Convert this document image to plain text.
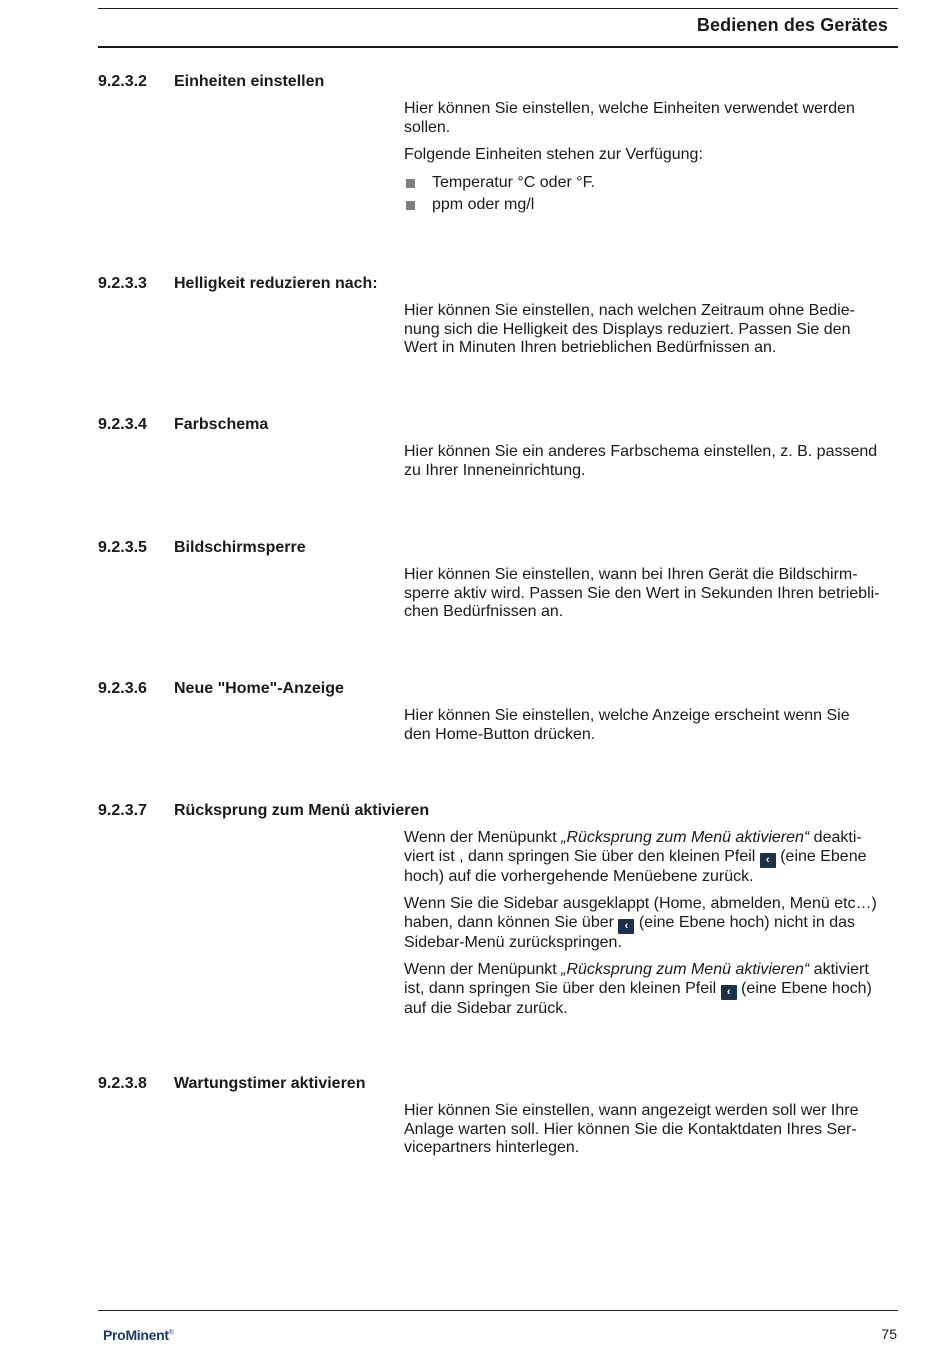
Bedienen des Gerätes
9.2.3.2 Einheiten einstellen

Hier können Sie einstellen, welche Einheiten verwendet werden sollen.

Folgende Einheiten stehen zur Verfügung:

Temperatur °C oder °F.
ppm oder mg/l
9.2.3.3 Helligkeit reduzieren nach:
Hier können Sie einstellen, nach welchen Zeitraum ohne Bedie-
nung sich die Helligkeit des Displays reduziert. Passen Sie den
Wert in Minuten Ihren betrieblichen Bedürfnissen an.
9.2.3.4 Farbschema
Hier können Sie ein anderes Farbschema einstellen, z. B. passend
zu Ihrer Inneneinrichtung.
9.2.3.5 Bildschirmsperre
Hier können Sie einstellen, wann bei Ihren Gerät die Bildschirm-
sperre aktiv wird. Passen Sie den Wert in Sekunden Ihren betriebli-
chen Bedürfnissen an.
9.2.3.6 Neue "Home"-Anzeige
Hier können Sie einstellen, welche Anzeige erscheint wenn Sie
den Home-Button drücken.
9.2.3.7 Rücksprung zum Menü aktivieren

Wenn der Menüpunkt „Rücksprung zum Menü aktivieren“ deakti-
viert ist , dann springen Sie über den kleinen Pfeil ‹ (eine Ebene
hoch) auf die vorhergehende Menüebene zurück.

Wenn Sie die Sidebar ausgeklappt (Home, abmelden, Menü etc…)
haben, dann können Sie über ‹ (eine Ebene hoch) nicht in das
Sidebar-Menü zurückspringen.

Wenn der Menüpunkt „Rücksprung zum Menü aktivieren“ aktiviert
ist, dann springen Sie über den kleinen Pfeil ‹ (eine Ebene hoch)
auf die Sidebar zurück.

9.2.3.8 Wartungstimer aktivieren
Hier können Sie einstellen, wann angezeigt werden soll wer Ihre
Anlage warten soll. Hier können Sie die Kontaktdaten Ihres Ser-
vicepartners hinterlegen.
ProMinent®	75
